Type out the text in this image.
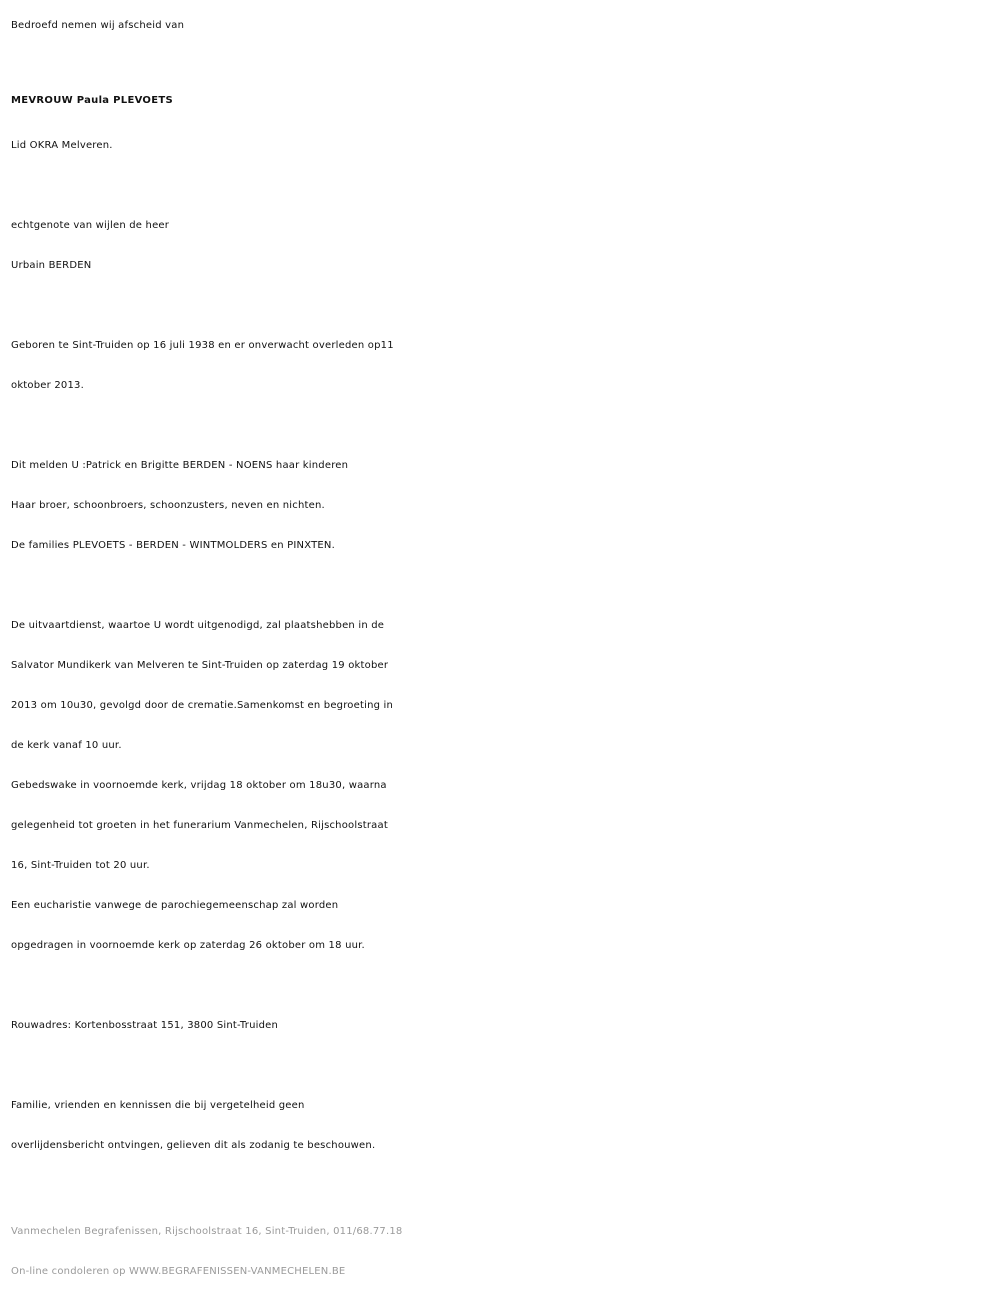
Bedroefd nemen wij afscheid van
MEVROUW Paula PLEVOETS
Lid OKRA Melveren.
echtgenote van wijlen de heer
Urbain BERDEN
Geboren te Sint-Truiden op 16 juli 1938 en er onverwacht overleden op11
oktober 2013.
Dit melden U :Patrick en Brigitte BERDEN - NOENS haar kinderen
Haar broer, schoonbroers, schoonzusters, neven en nichten.
De families PLEVOETS - BERDEN - WINTMOLDERS en PINXTEN.
De uitvaartdienst, waartoe U wordt uitgenodigd, zal plaatshebben in de
Salvator Mundikerk van Melveren te Sint-Truiden op zaterdag 19 oktober
2013 om 10u30, gevolgd door de crematie.Samenkomst en begroeting in
de kerk vanaf 10 uur.
Gebedswake in voornoemde kerk, vrijdag 18 oktober om 18u30, waarna
gelegenheid tot groeten in het funerarium Vanmechelen, Rijschoolstraat
16, Sint-Truiden tot 20 uur.
Een eucharistie vanwege de parochiegemeenschap zal worden
opgedragen in voornoemde kerk op zaterdag 26 oktober om 18 uur.
Rouwadres: Kortenbosstraat 151, 3800 Sint-Truiden
Familie, vrienden en kennissen die bij vergetelheid geen
overlijdensbericht ontvingen, gelieven dit als zodanig te beschouwen.
Vanmechelen Begrafenissen, Rijschoolstraat 16, Sint-Truiden, 011/68.77.18
On-line condoleren op WWW.BEGRAFENISSEN-VANMECHELEN.BE
